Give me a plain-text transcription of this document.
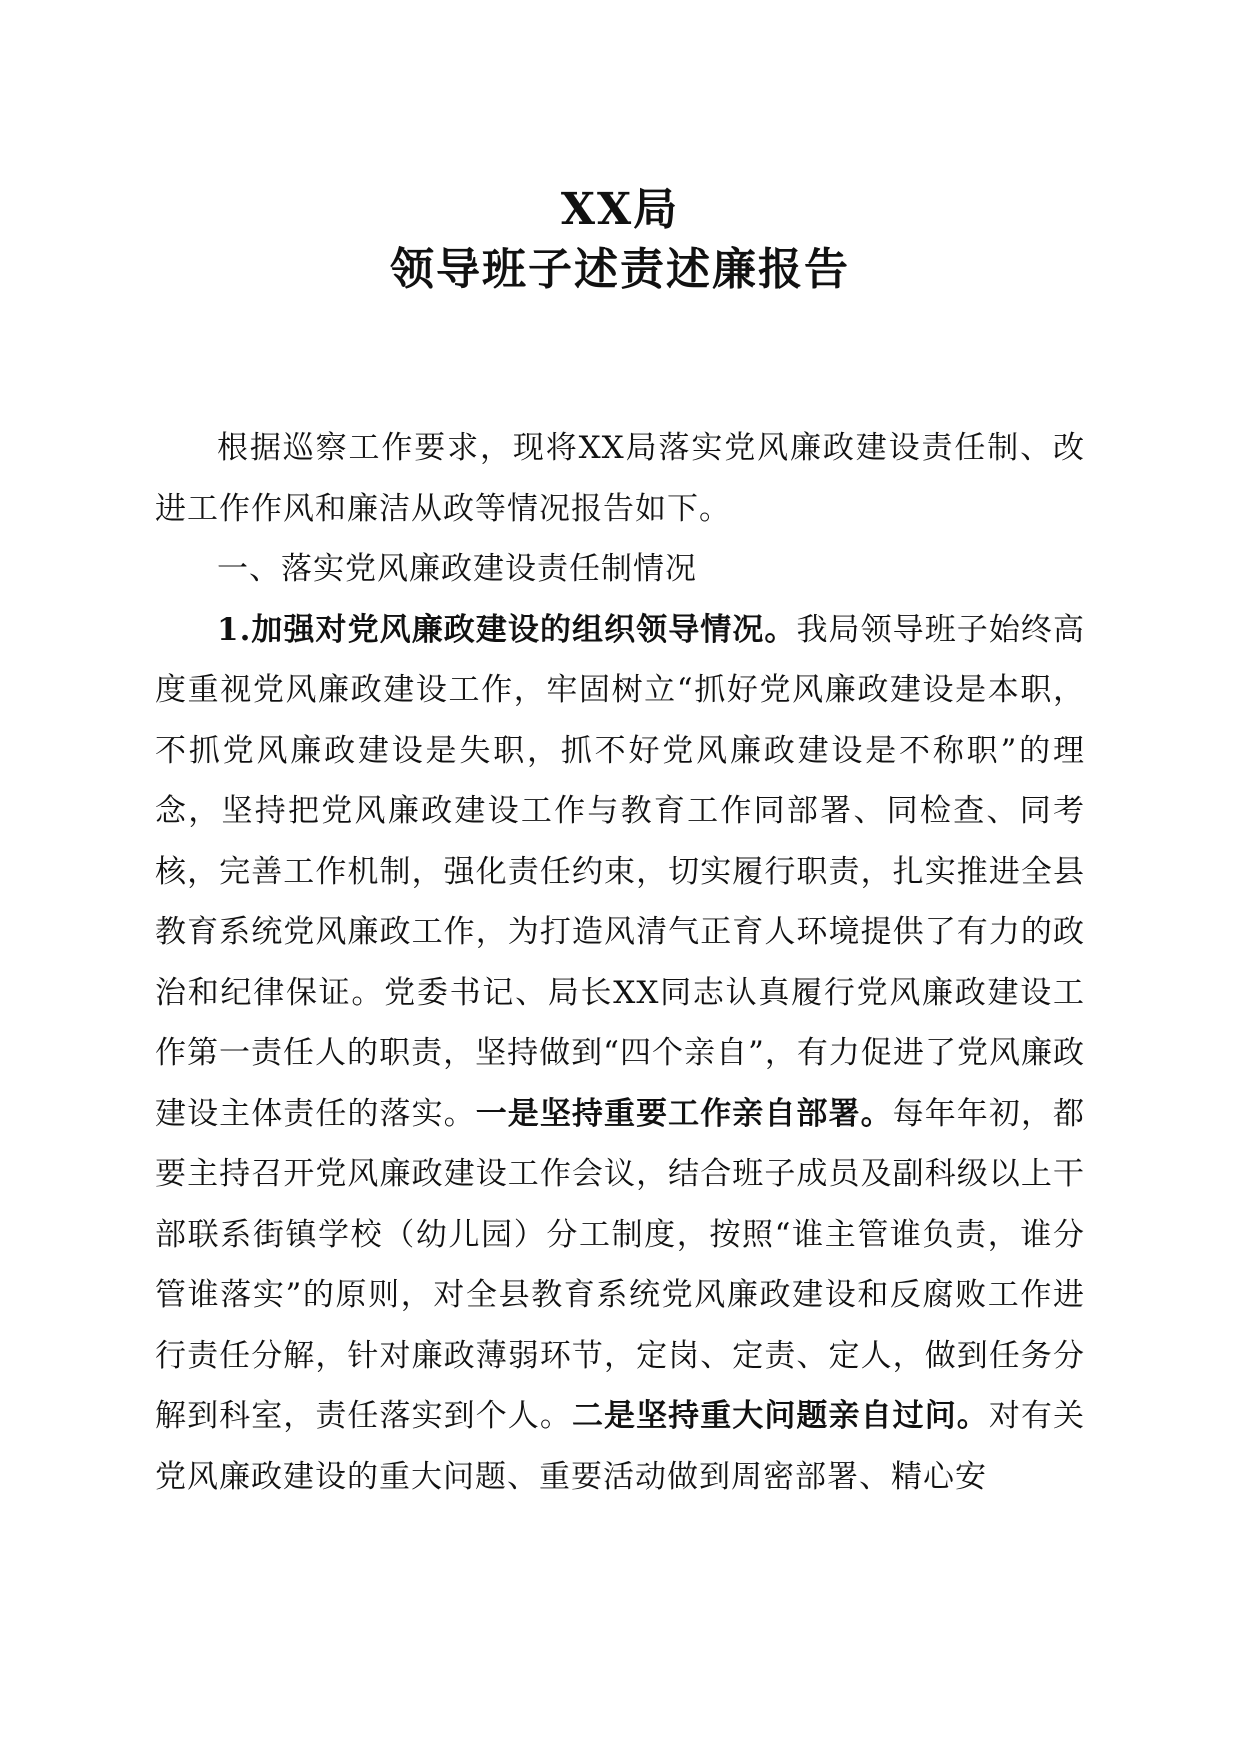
XX局
领导班子述责述廉报告

根据巡察工作要求，现将XX局落实党风廉政建设责任制、改进工作作风和廉洁从政等情况报告如下。

一、落实党风廉政建设责任制情况

1.加强对党风廉政建设的组织领导情况。我局领导班子始终高度重视党风廉政建设工作，牢固树立“抓好党风廉政建设是本职，不抓党风廉政建设是失职，抓不好党风廉政建设是不称职”的理念，坚持把党风廉政建设工作与教育工作同部署、同检查、同考核，完善工作机制，强化责任约束，切实履行职责，扎实推进全县教育系统党风廉政工作，为打造风清气正育人环境提供了有力的政治和纪律保证。党委书记、局长XX同志认真履行党风廉政建设工作第一责任人的职责，坚持做到“四个亲自”，有力促进了党风廉政建设主体责任的落实。一是坚持重要工作亲自部署。每年年初，都要主持召开党风廉政建设工作会议，结合班子成员及副科级以上干部联系街镇学校（幼儿园）分工制度，按照“谁主管谁负责，谁分管谁落实”的原则，对全县教育系统党风廉政建设和反腐败工作进行责任分解，针对廉政薄弱环节，定岗、定责、定人，做到任务分解到科室，责任落实到个人。二是坚持重大问题亲自过问。对有关党风廉政建设的重大问题、重要活动做到周密部署、精心安
